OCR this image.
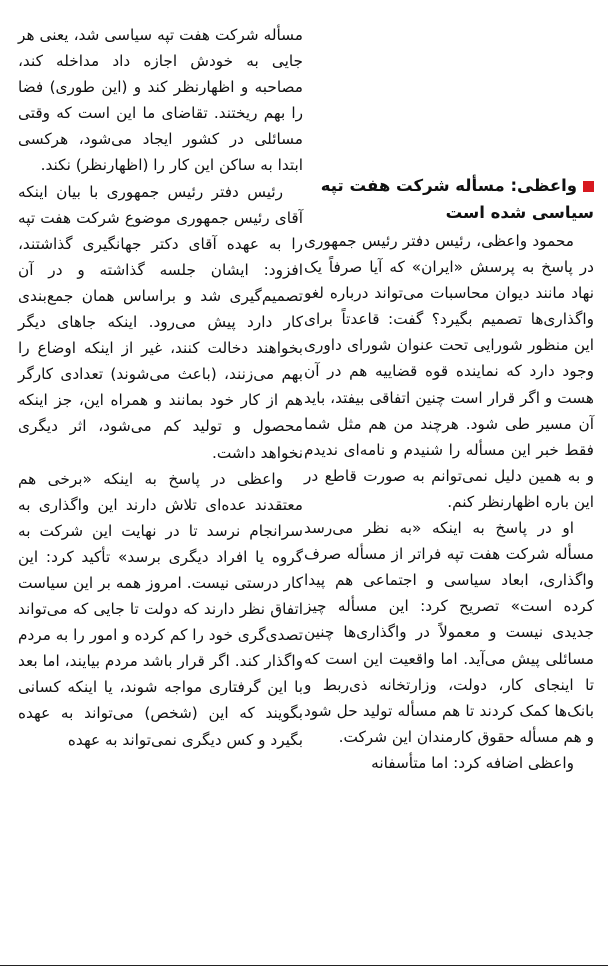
واعظی: مسأله شرکت هفت تپه سیاسی شده است

محمود واعظی، رئیس دفتر رئیس جمهوری در پاسخ به پرسش «ایران» که آیا صرفاً یک نهاد مانند دیوان محاسبات می‌تواند درباره لغو واگذاری‌ها تصمیم بگیرد؟ گفت: قاعدتاً برای این منظور شورایی تحت عنوان شورای داوری وجود دارد که نماینده قوه قضاییه هم در آن هست و اگر قرار است چنین اتفاقی بیفتد، باید آن مسیر طی شود. هرچند من هم مثل شما فقط خبر این مسأله را شنیدم و نامه‌ای ندیدم و به همین دلیل نمی‌توانم به صورت قاطع در این باره اظهارنظر کنم.

او در پاسخ به اینکه «به نظر می‌رسد مسأله شرکت هفت تپه فراتر از مسأله صرف واگذاری، ابعاد سیاسی و اجتماعی هم پیدا کرده است» تصریح کرد: این مسأله چیز جدیدی نیست و معمولاً در واگذاری‌ها چنین مسائلی پیش می‌آید. اما واقعیت این است که تا اینجای کار، دولت، وزارتخانه ذی‌ربط و بانک‌ها کمک کردند تا هم مسأله تولید حل شود و هم مسأله حقوق کارمندان این شرکت.

واعظی اضافه کرد: اما متأسفانه

مسأله شرکت هفت تپه سیاسی شد، یعنی هر جایی به خودش اجازه داد مداخله کند، مصاحبه و اظهارنظر کند و (این طوری) فضا را بهم ریختند. تقاضای ما این است که وقتی مسائلی در کشور ایجاد می‌شود، هرکسی ابتدا به ساکن این کار را (اظهارنظر) نکند.

رئیس دفتر رئیس جمهوری با بیان اینکه آقای رئیس جمهوری موضوع شرکت هفت تپه را به عهده آقای دکتر جهانگیری گذاشتند، افزود: ایشان جلسه گذاشته و در آن تصمیم‌گیری شد و براساس همان جمع‌بندی کار دارد پیش می‌رود. اینکه جاهای دیگر بخواهند دخالت کنند، غیر از اینکه اوضاع را بهم می‌زنند، (باعث می‌شوند) تعدادی کارگر هم از کار خود بمانند و همراه این، جز اینکه محصول و تولید کم می‌شود، اثر دیگری نخواهد داشت.

واعظی در پاسخ به اینکه «برخی هم معتقدند عده‌ای تلاش دارند این واگذاری به سرانجام نرسد تا در نهایت این شرکت به گروه یا افراد دیگری برسد» تأکید کرد: این کار درستی نیست. امروز همه بر این سیاست اتفاق نظر دارند که دولت تا جایی که می‌تواند تصدی‌گری خود را کم کرده و امور را به مردم واگذار کند. اگر قرار باشد مردم بیایند، اما بعد با این گرفتاری مواجه شوند، یا اینکه کسانی بگویند که این (شخص) می‌تواند به عهده بگیرد و کس دیگری نمی‌تواند به عهده
